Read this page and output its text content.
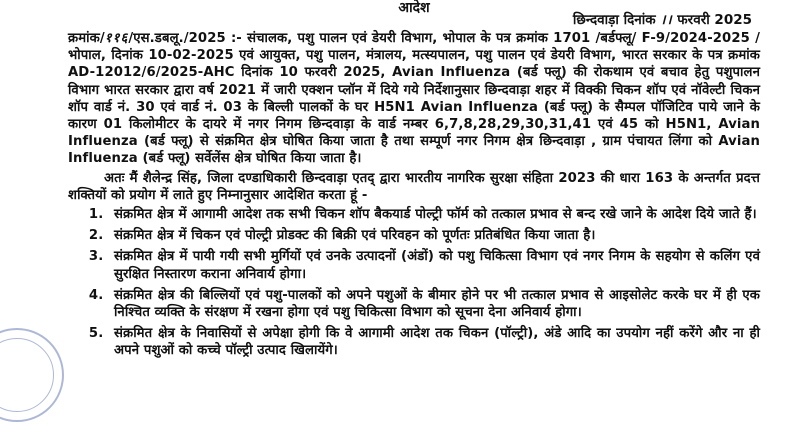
आदेश
छिन्दवाड़ा दिनांक ।। फरवरी 2025

क्रमांक/११६/एस.डबलू./2025 :- संचालक, पशु पालन एवं डेयरी विभाग, भोपाल के पत्र क्रमांक 1701 /बर्डफ्लू/ F-9/2024-2025 / भोपाल, दिनांक 10-02-2025 एवं आयुक्त, पशु पालन, मंत्रालय, मत्स्यपालन, पशु पालन एवं डेयरी विभाग, भारत सरकार के पत्र क्रमांक AD-12012/6/2025-AHC दिनांक 10 फरवरी 2025, Avian Influenza (बर्ड फ्लू) की रोकथाम एवं बचाव हेतु पशुपालन विभाग भारत सरकार द्वारा वर्ष 2021 में जारी एक्शन प्लॉन में दिये गये निर्देशानुसार छिन्दवाड़ा शहर में विक्की चिकन शॉप एवं नॉवेल्टी चिकन शॉप वार्ड नं. 30 एवं वार्ड नं. 03 के बिल्ली पालकों के घर H5N1 Avian Influenza (बर्ड फ्लू) के सैम्पल पॉजिटिव पाये जाने के कारण 01 किलोमीटर के दायरे में नगर निगम छिन्दवाड़ा के वार्ड नम्बर 6,7,8,28,29,30,31,41 एवं 45 को H5N1, Avian Influenza (बर्ड फ्लू) से संक्रमित क्षेत्र घोषित किया जाता है तथा सम्पूर्ण नगर निगम क्षेत्र छिन्दवाड़ा , ग्राम पंचायत लिंगा को Avian Influenza (बर्ड फ्लू) सर्वेलेंस क्षेत्र घोषित किया जाता है।

अतः मैं शैलेन्द्र सिंह, जिला दण्डाधिकारी छिन्दवाड़ा एतद् द्वारा भारतीय नागरिक सुरक्षा संहिता 2023 की धारा 163 के अन्तर्गत प्रदत्त शक्तियों को प्रयोग में लाते हुए निम्नानुसार आदेशित करता हूं -

1. संक्रमित क्षेत्र में आगामी आदेश तक सभी चिकन शॉप बैकयार्ड पोल्ट्री फॉर्म को तत्काल प्रभाव से बन्द रखे जाने के आदेश दिये जाते हैं।
2. संक्रमित क्षेत्र में चिकन एवं पोल्ट्री प्रोडक्ट की बिक्री एवं परिवहन को पूर्णतः प्रतिबंधित किया जाता है।
3. संक्रमित क्षेत्र में पायी गयी सभी मुर्गियों एवं उनके उत्पादनों (अंडों) को पशु चिकित्सा विभाग एवं नगर निगम के सहयोग से कलिंग एवं सुरक्षित निस्तारण कराना अनिवार्य होगा।
4. संक्रमित क्षेत्र की बिल्लियों एवं पशु-पालकों को अपने पशुओं के बीमार होने पर भी तत्काल प्रभाव से आइसोलेट करके घर में ही एक निश्चित व्यक्ति के संरक्षण में रखना होगा एवं पशु चिकित्सा विभाग को सूचना देना अनिवार्य होगा।
5. संक्रमित क्षेत्र के निवासियों से अपेक्षा होगी कि वे आगामी आदेश तक चिकन (पॉल्ट्री), अंडे आदि का उपयोग नहीं करेंगे और ना ही अपने पशुओं को कच्चे पॉल्ट्री उत्पाद खिलायेंगे।
